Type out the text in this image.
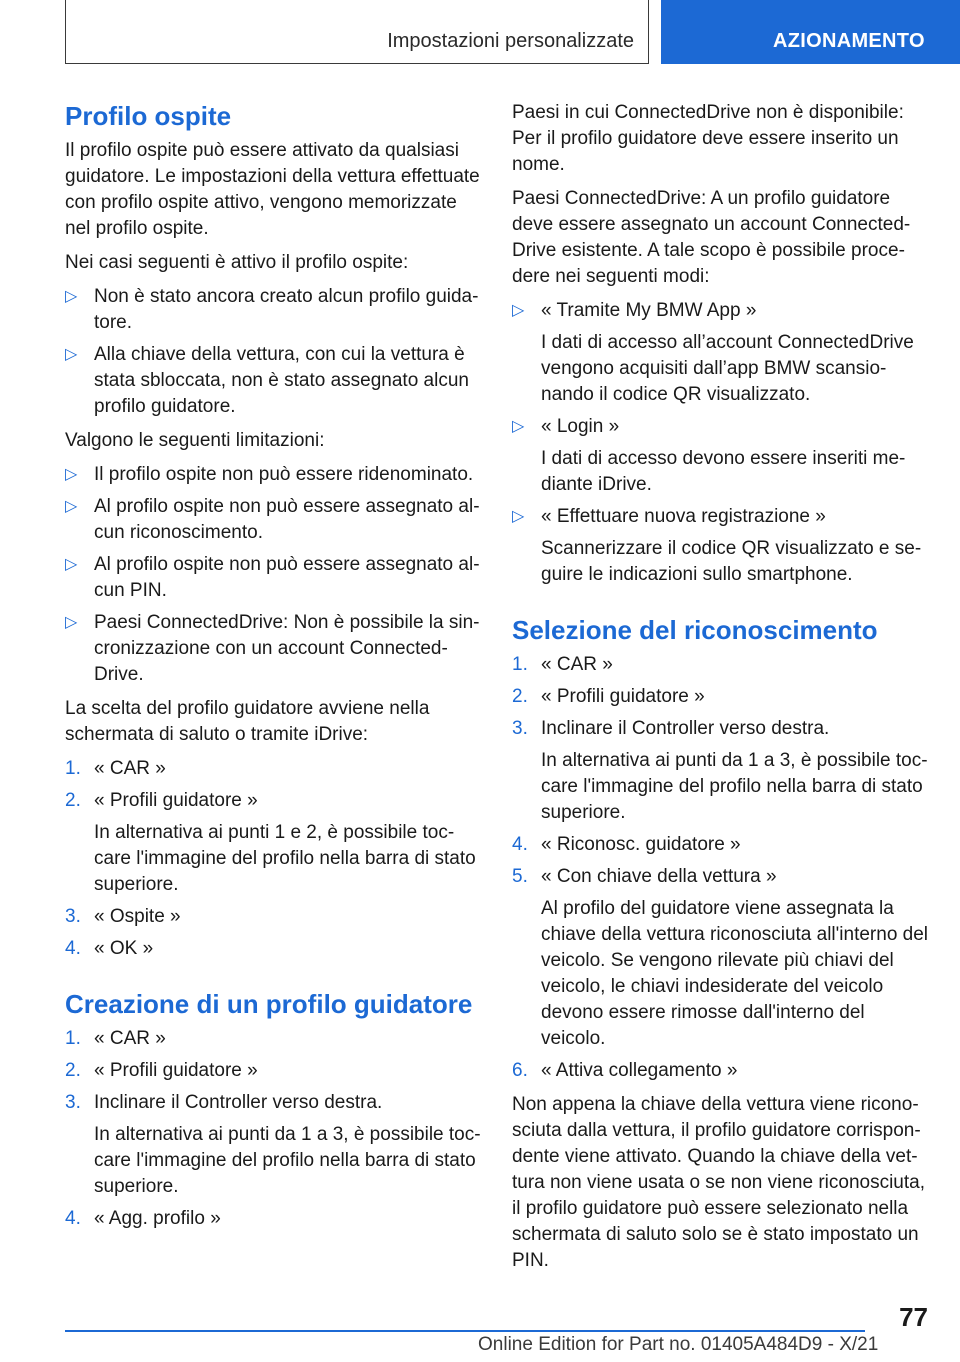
Impostazioni personalizzate	AZIONAMENTO
Profilo ospite

Il profilo ospite può essere attivato da qualsiasi guidatore. Le impostazioni della vettura effettuate con profilo ospite attivo, vengono memorizzate nel profilo ospite.

Nei casi seguenti è attivo il profilo ospite:

▷ Non è stato ancora creato alcun profilo guidatore.
▷ Alla chiave della vettura, con cui la vettura è stata sbloccata, non è stato assegnato alcun profilo guidatore.

Valgono le seguenti limitazioni:

▷ Il profilo ospite non può essere ridenominato.
▷ Al profilo ospite non può essere assegnato alcun riconoscimento.
▷ Al profilo ospite non può essere assegnato alcun PIN.
▷ Paesi ConnectedDrive: Non è possibile la sincronizzazione con un account ConnectedDrive.

La scelta del profilo guidatore avviene nella schermata di saluto o tramite iDrive:

1. « CAR »
2. « Profili guidatore »
In alternativa ai punti 1 e 2, è possibile toccare l'immagine del profilo nella barra di stato superiore.
3. « Ospite »
4. « OK »
Creazione di un profilo guidatore
1. « CAR »
2. « Profili guidatore »
3. Inclinare il Controller verso destra.
In alternativa ai punti da 1 a 3, è possibile toccare l'immagine del profilo nella barra di stato superiore.
4. « Agg. profilo »

Paesi in cui ConnectedDrive non è disponibile: Per il profilo guidatore deve essere inserito un nome.

Paesi ConnectedDrive: A un profilo guidatore deve essere assegnato un account ConnectedDrive esistente. A tale scopo è possibile procedere nei seguenti modi:

▷ « Tramite My BMW App »
I dati di accesso all’account ConnectedDrive vengono acquisiti dall’app BMW scansionando il codice QR visualizzato.
▷ « Login »
I dati di accesso devono essere inseriti mediante iDrive.
▷ « Effettuare nuova registrazione »
Scannerizzare il codice QR visualizzato e seguire le indicazioni sullo smartphone.
Selezione del riconoscimento
1. « CAR »
2. « Profili guidatore »
3. Inclinare il Controller verso destra.
In alternativa ai punti da 1 a 3, è possibile toccare l'immagine del profilo nella barra di stato superiore.
4. « Riconosc. guidatore »
5. « Con chiave della vettura »
Al profilo del guidatore viene assegnata la chiave della vettura riconosciuta all'interno del veicolo. Se vengono rilevate più chiavi del veicolo, le chiavi indesiderate del veicolo devono essere rimosse dall'interno del veicolo.
6. « Attiva collegamento »

Non appena la chiave della vettura viene riconosciuta dalla vettura, il profilo guidatore corrispondente viene attivato. Quando la chiave della vettura non viene usata o se non viene riconosciuta, il profilo guidatore può essere selezionato nella schermata di saluto solo se è stato impostato un PIN.

77
Online Edition for Part no. 01405A484D9 - X/21
